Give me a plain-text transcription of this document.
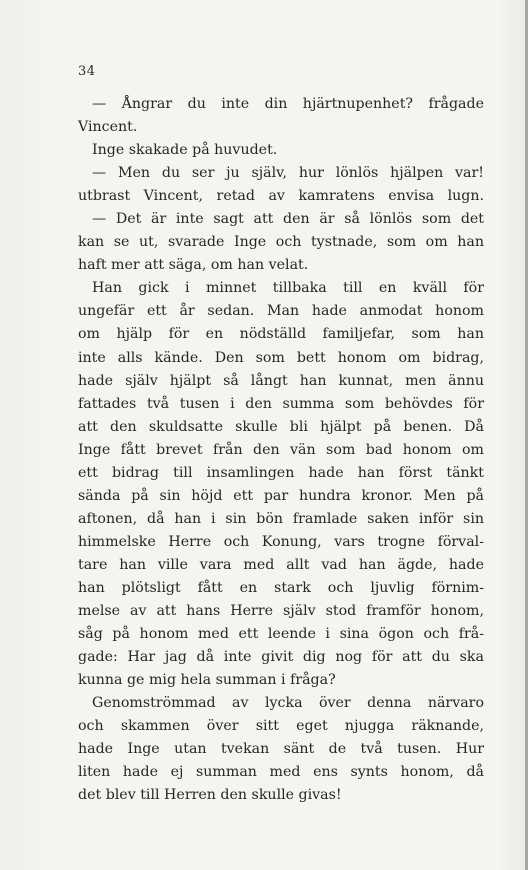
34
— Ångrar du inte din hjärtnupenhet? frågade
Vincent.
Inge skakade på huvudet.
— Men du ser ju själv, hur lönlös hjälpen var!
utbrast Vincent, retad av kamratens envisa lugn.
— Det är inte sagt att den är så lönlös som det
kan se ut, svarade Inge och tystnade, som om han
haft mer att säga, om han velat.
Han gick i minnet tillbaka till en kväll för
ungefär ett år sedan. Man hade anmodat honom
om hjälp för en nödställd familjefar, som han
inte alls kände. Den som bett honom om bidrag,
hade själv hjälpt så långt han kunnat, men ännu
fattades två tusen i den summa som behövdes för
att den skuldsatte skulle bli hjälpt på benen. Då
Inge fått brevet från den vän som bad honom om
ett bidrag till insamlingen hade han först tänkt
sända på sin höjd ett par hundra kronor. Men på
aftonen, då han i sin bön framlade saken inför sin
himmelske Herre och Konung, vars trogne förval-
tare han ville vara med allt vad han ägde, hade
han plötsligt fått en stark och ljuvlig förnim-
melse av att hans Herre själv stod framför honom,
såg på honom med ett leende i sina ögon och frå-
gade: Har jag då inte givit dig nog för att du ska
kunna ge mig hela summan i fråga?
Genomströmmad av lycka över denna närvaro
och skammen över sitt eget njugga räknande,
hade Inge utan tvekan sänt de två tusen. Hur
liten hade ej summan med ens synts honom, då
det blev till Herren den skulle givas!
